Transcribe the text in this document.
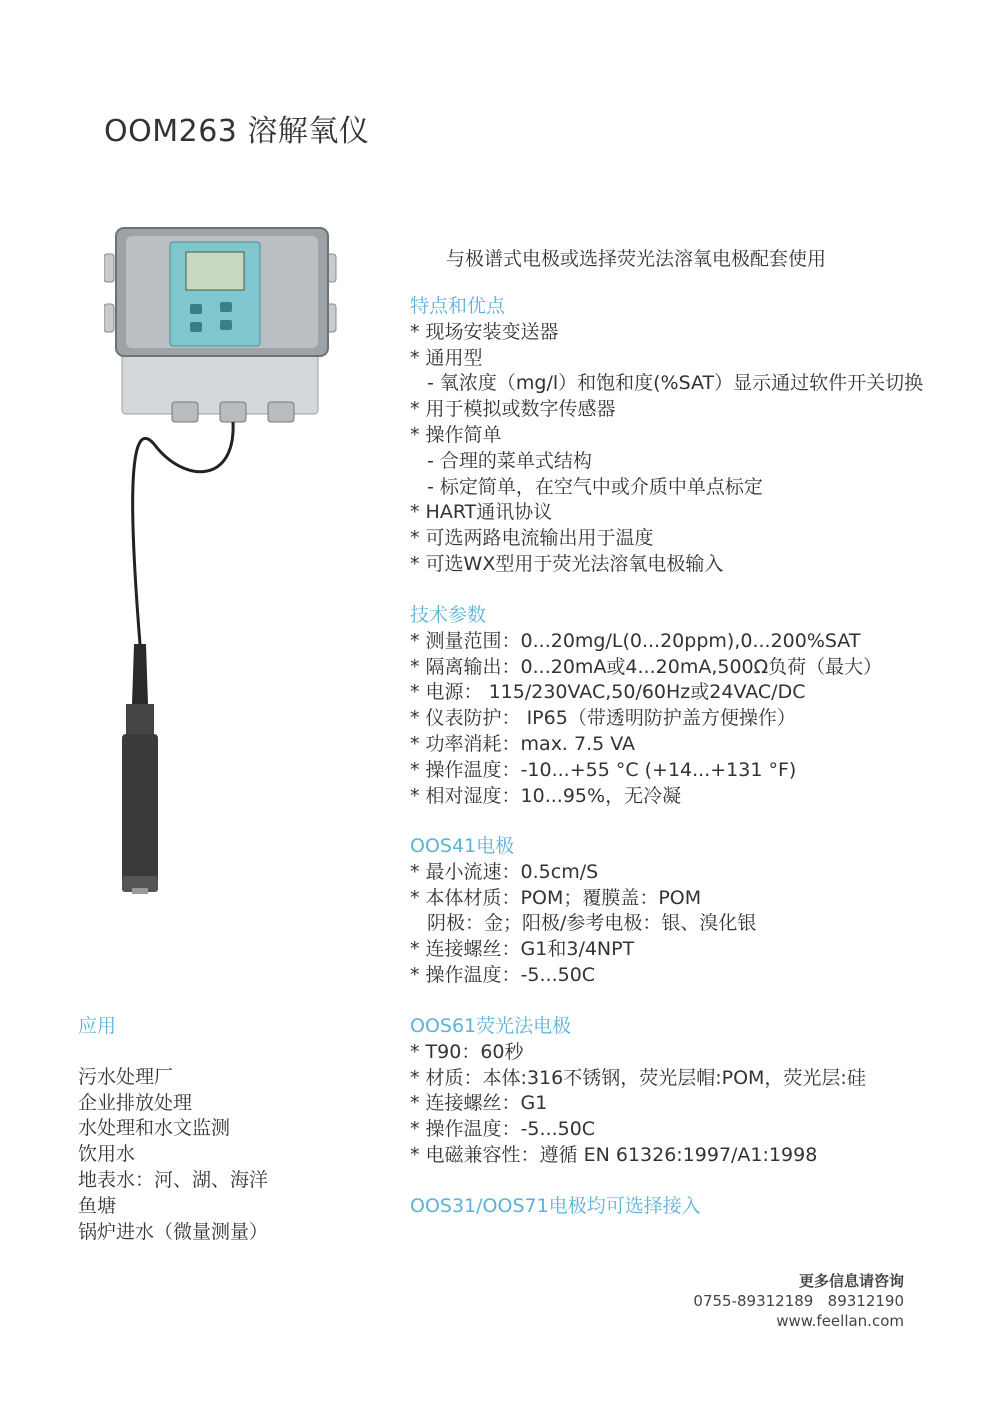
OOM263 溶解氧仪
与极谱式电极或选择荧光法溶氧电极配套使用
特点和优点
* 现场安装变送器
* 通用型
- 氧浓度（mg/l）和饱和度(%SAT）显示通过软件开关切换
* 用于模拟或数字传感器
* 操作简单
- 合理的菜单式结构
- 标定简单，在空气中或介质中单点标定
* HART通讯协议
* 可选两路电流输出用于温度
* 可选WX型用于荧光法溶氧电极输入
技术参数
* 测量范围：0...20mg/L(0...20ppm),0...200%SAT
* 隔离输出：0...20mA或4...20mA,500Ω负荷（最大）
* 电源： 115/230VAC,50/60Hz或24VAC/DC
* 仪表防护： IP65（带透明防护盖方便操作）
* 功率消耗：max. 7.5 VA
* 操作温度：-10...+55 °C (+14...+131 °F)
* 相对湿度：10...95%，无冷凝
OOS41电极
* 最小流速：0.5cm/S
* 本体材质：POM；覆膜盖：POM
阴极：金；阳极/参考电极：银、溴化银
* 连接螺丝：G1和3/4NPT
* 操作温度：-5...50C
OOS61荧光法电极
* T90：60秒
* 材质：本体:316不锈钢，荧光层帽:POM，荧光层:硅
* 连接螺丝：G1
* 操作温度：-5...50C
* 电磁兼容性：遵循 EN 61326:1997/A1:1998
OOS31/OOS71电极均可选择接入
应用
污水处理厂
企业排放处理
水处理和水文监测
饮用水
地表水：河、湖、海洋
鱼塘
锅炉进水（微量测量）
更多信息请咨询
0755-89312189   89312190
www.feellan.com
